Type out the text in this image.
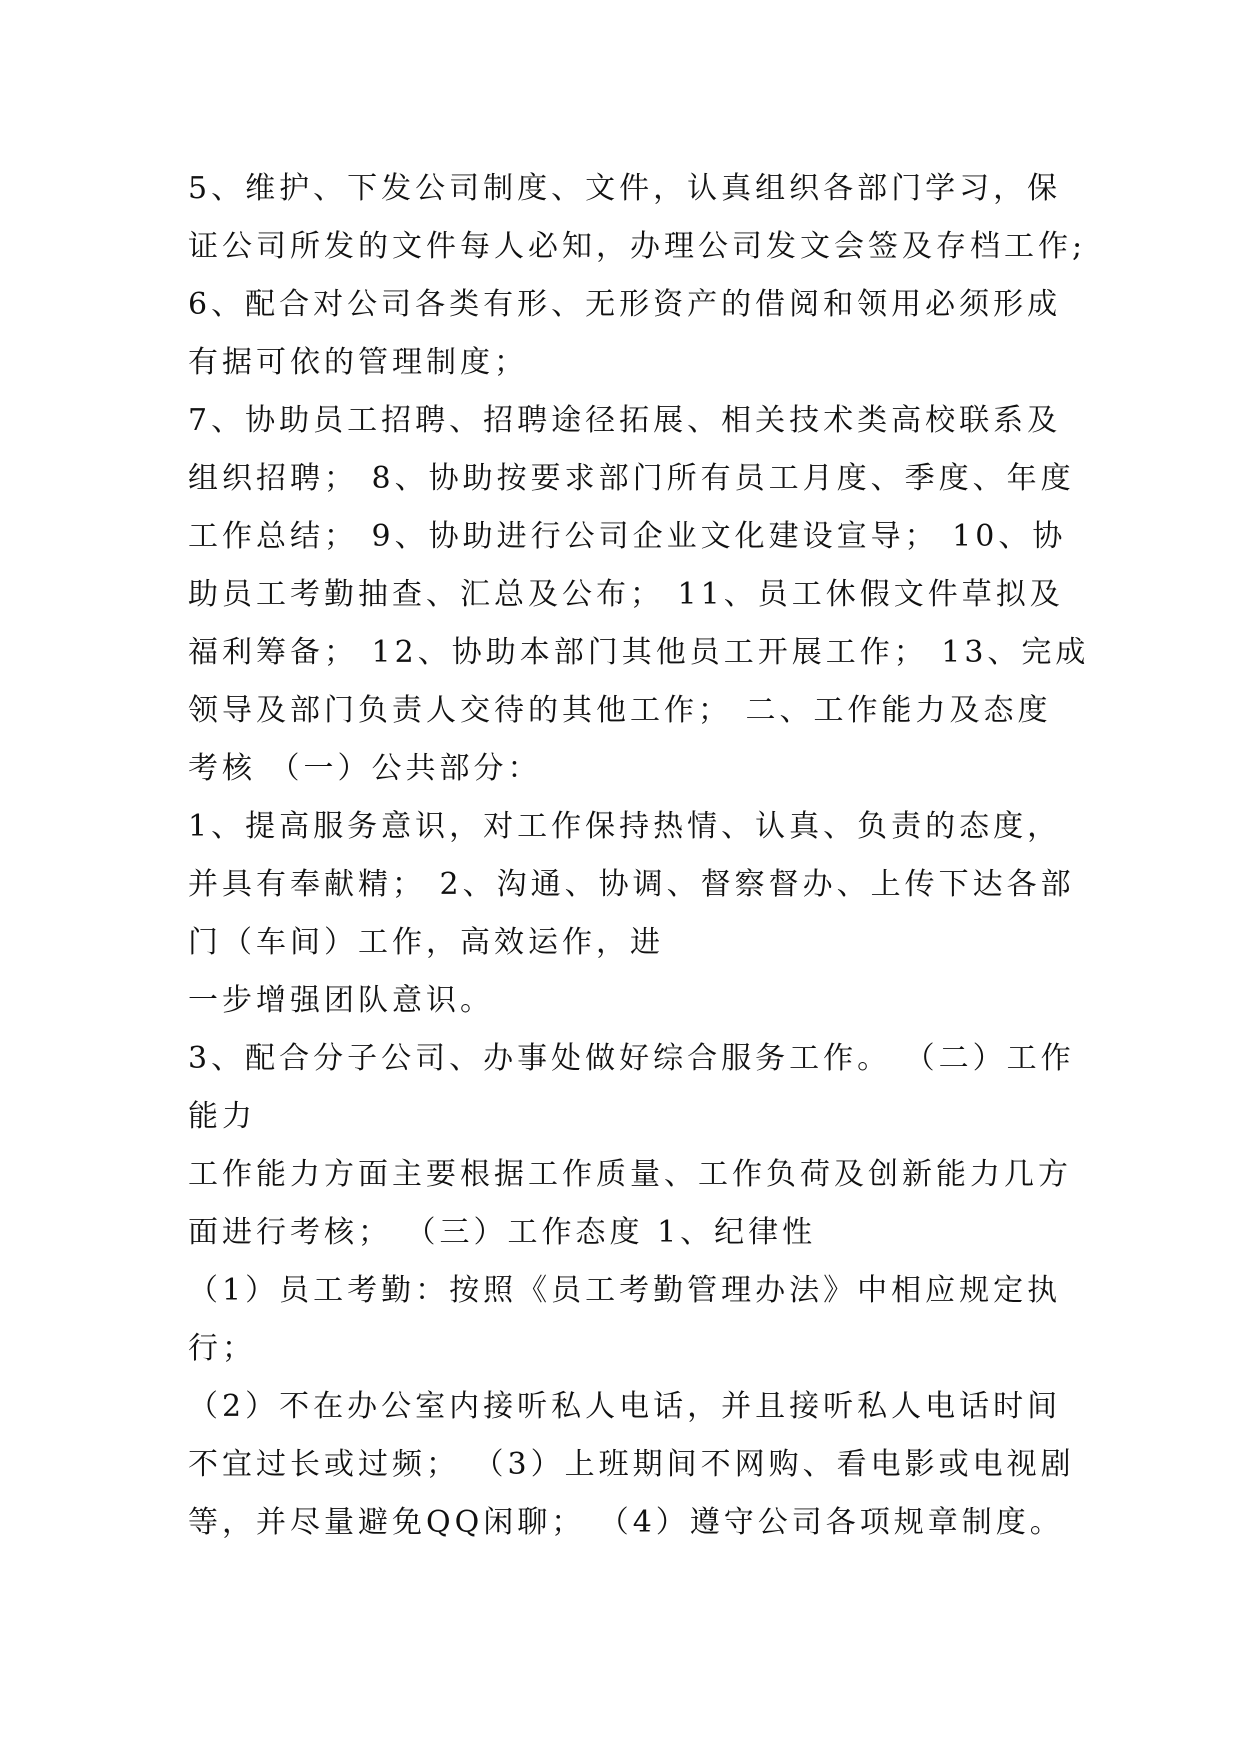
5、维护、下发公司制度、文件，认真组织各部门学习，保
证公司所发的文件每人必知，办理公司发文会签及存档工作;
6、配合对公司各类有形、无形资产的借阅和领用必须形成
有据可依的管理制度；
7、协助员工招聘、招聘途径拓展、相关技术类高校联系及
组织招聘； 8、协助按要求部门所有员工月度、季度、年度
工作总结； 9、协助进行公司企业文化建设宣导； 10、协
助员工考勤抽查、汇总及公布； 11、员工休假文件草拟及
福利筹备； 12、协助本部门其他员工开展工作； 13、完成
领导及部门负责人交待的其他工作； 二、工作能力及态度
考核 （一）公共部分：
1、提高服务意识，对工作保持热情、认真、负责的态度，
并具有奉献精； 2、沟通、协调、督察督办、上传下达各部
门（车间）工作，高效运作，进
一步增强团队意识。
3、配合分子公司、办事处做好综合服务工作。 （二）工作
能力
工作能力方面主要根据工作质量、工作负荷及创新能力几方
面进行考核； （三）工作态度 1、纪律性
（1）员工考勤：按照《员工考勤管理办法》中相应规定执
行；
（2）不在办公室内接听私人电话，并且接听私人电话时间
不宜过长或过频； （3）上班期间不网购、看电影或电视剧
等，并尽量避免QQ闲聊； （4）遵守公司各项规章制度。
